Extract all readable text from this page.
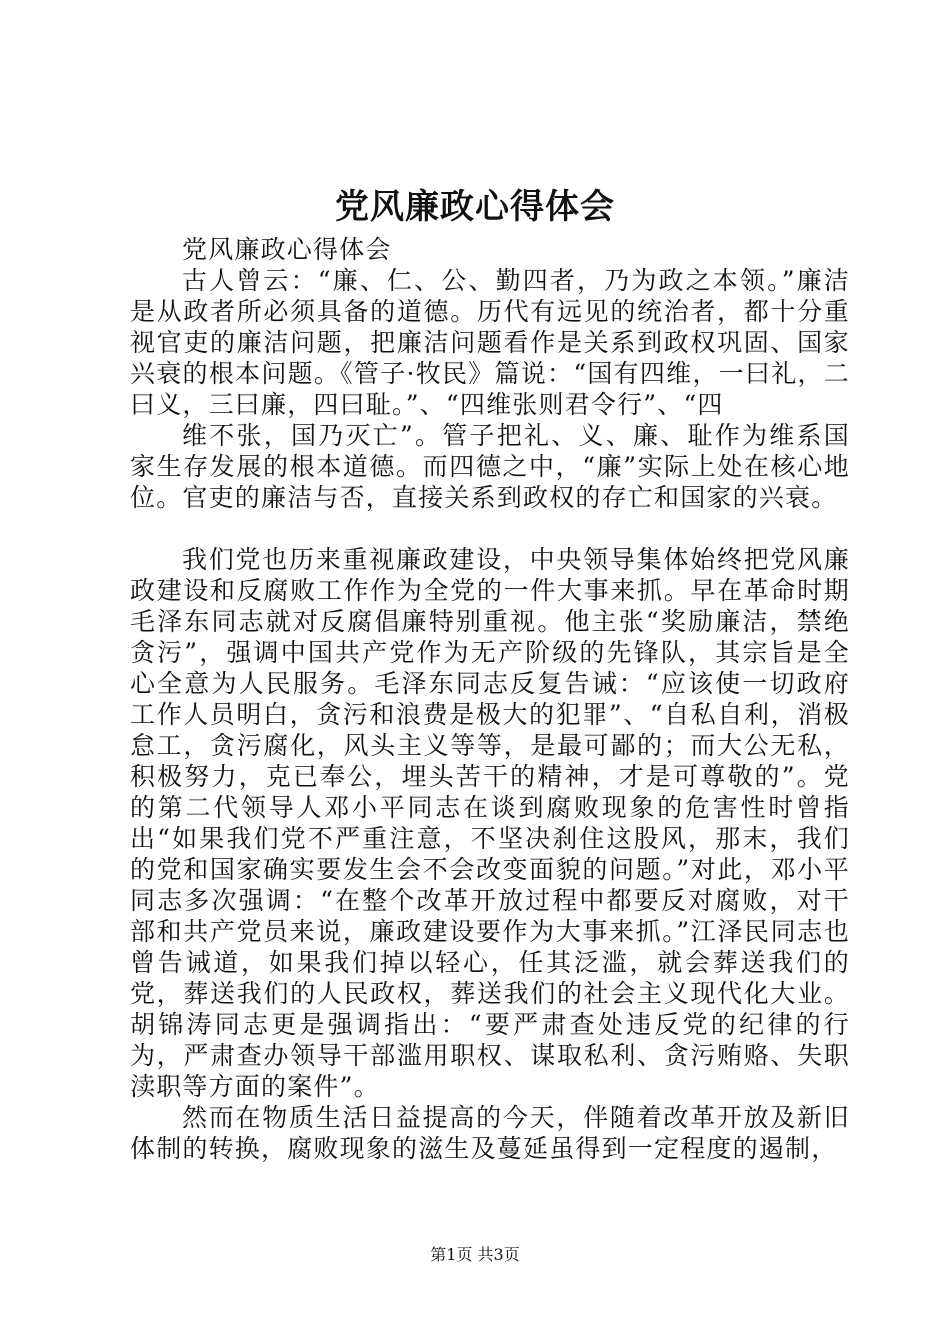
党风廉政心得体会

党风廉政心得体会

古人曾云：“廉、仁、公、勤四者，乃为政之本领。”廉洁是从政者所必须具备的道德。历代有远见的统治者，都十分重视官吏的廉洁问题，把廉洁问题看作是关系到政权巩固、国家兴衰的根本问题。《管子·牧民》篇说：“国有四维，一曰礼，二曰义，三曰廉，四曰耻。”、“四维张则君令行”、“四

维不张，国乃灭亡”。管子把礼、义、廉、耻作为维系国家生存发展的根本道德。而四德之中，“廉”实际上处在核心地位。官吏的廉洁与否，直接关系到政权的存亡和国家的兴衰。

我们党也历来重视廉政建设，中央领导集体始终把党风廉政建设和反腐败工作作为全党的一件大事来抓。早在革命时期毛泽东同志就对反腐倡廉特别重视。他主张“奖励廉洁，禁绝贪污”，强调中国共产党作为无产阶级的先锋队，其宗旨是全心全意为人民服务。毛泽东同志反复告诫：“应该使一切政府工作人员明白，贪污和浪费是极大的犯罪”、“自私自利，消极怠工，贪污腐化，风头主义等等，是最可鄙的；而大公无私，积极努力，克已奉公，埋头苦干的精神，才是可尊敬的”。党的第二代领导人邓小平同志在谈到腐败现象的危害性时曾指出“如果我们党不严重注意，不坚决刹住这股风，那末，我们的党和国家确实要发生会不会改变面貌的问题。”对此，邓小平同志多次强调：“在整个改革开放过程中都要反对腐败，对干部和共产党员来说，廉政建设要作为大事来抓。”江泽民同志也曾告诫道，如果我们掉以轻心，任其泛滥，就会葬送我们的党，葬送我们的人民政权，葬送我们的社会主义现代化大业。胡锦涛同志更是强调指出：“要严肃查处违反党的纪律的行为，严肃查办领导干部滥用职权、谋取私利、贪污贿赂、失职渎职等方面的案件”。

然而在物质生活日益提高的今天，伴随着改革开放及新旧体制的转换，腐败现象的滋生及蔓延虽得到一定程度的遏制，

第1页 共3页
